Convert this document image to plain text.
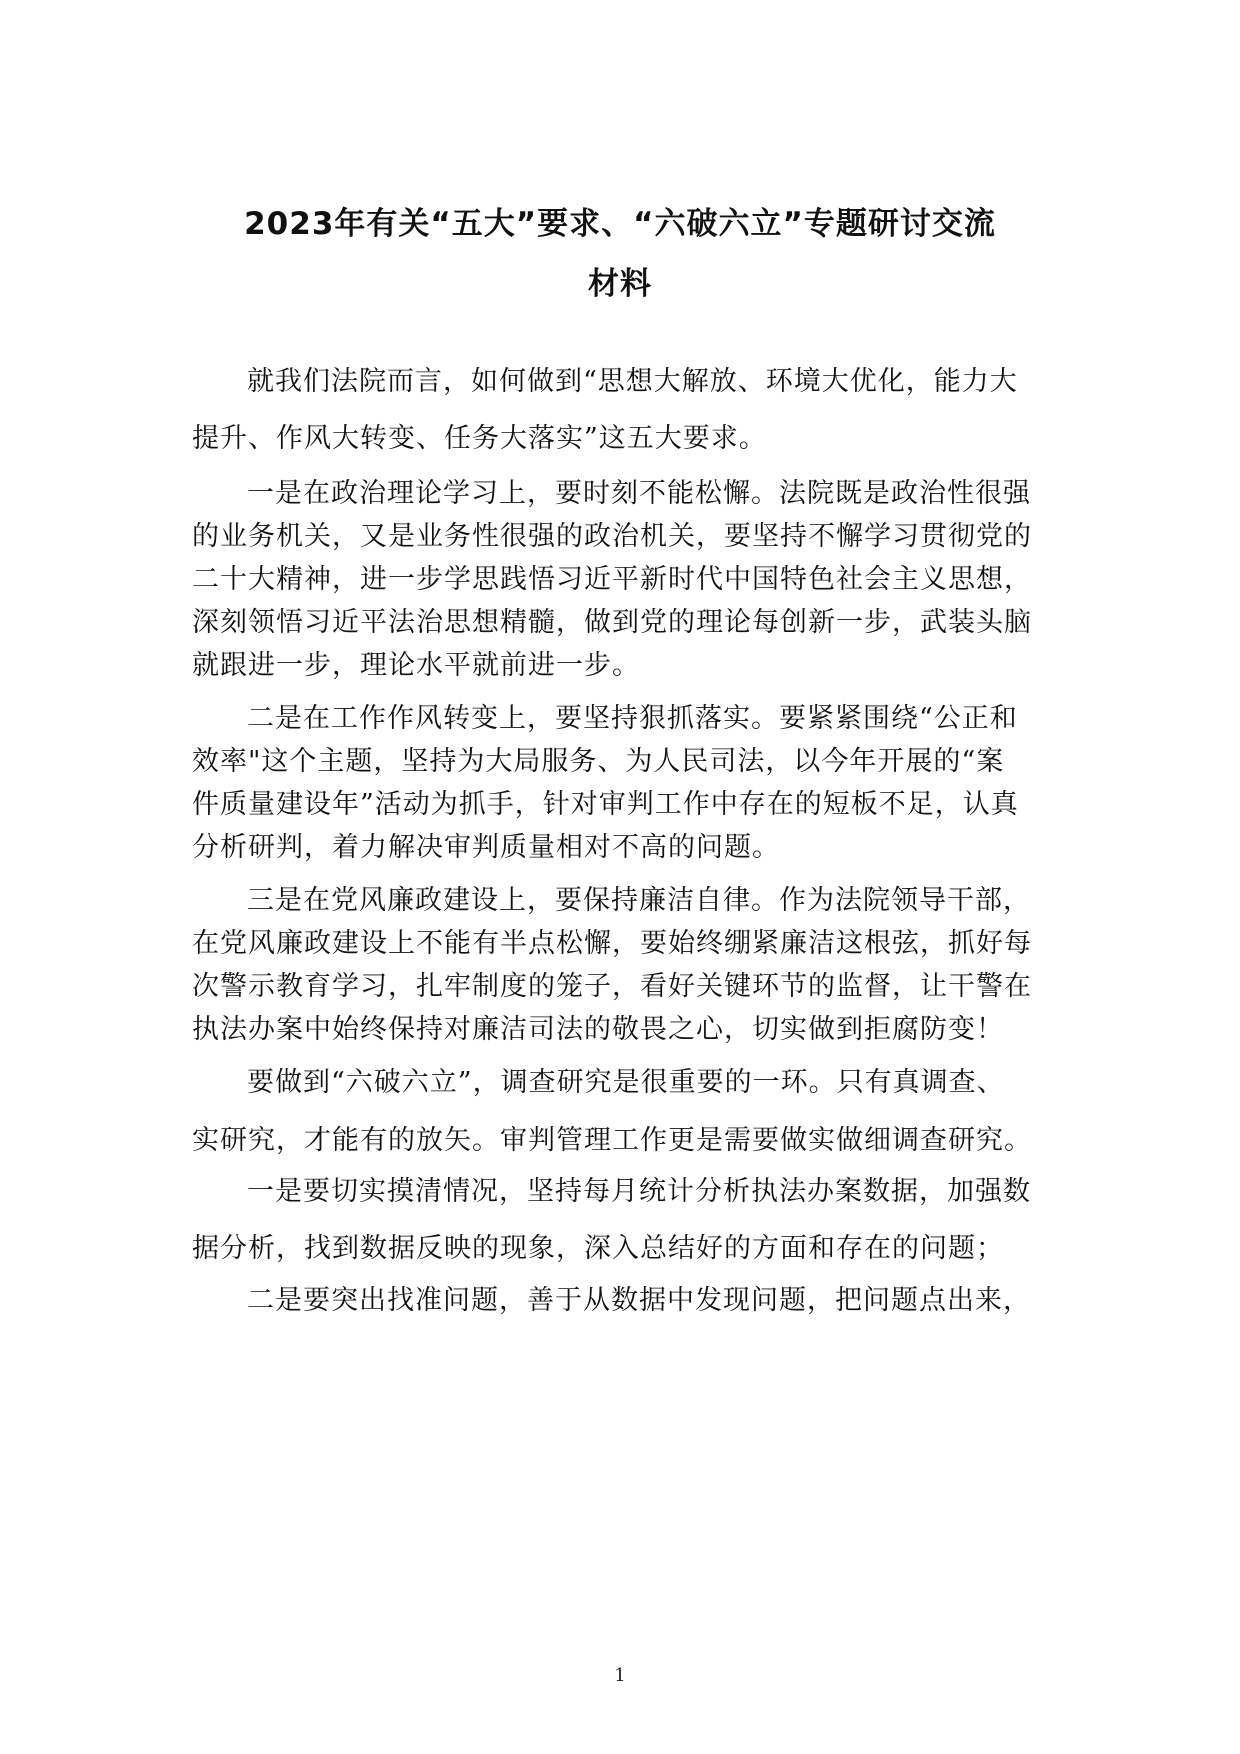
2023年有关“五大”要求、“六破六立”专题研讨交流
材料
就我们法院而言，如何做到“思想大解放、环境大优化，能力大
提升、作风大转变、任务大落实”这五大要求。
一是在政治理论学习上，要时刻不能松懈。法院既是政治性很强
的业务机关，又是业务性很强的政治机关，要坚持不懈学习贯彻党的
二十大精神，进一步学思践悟习近平新时代中国特色社会主义思想，
深刻领悟习近平法治思想精髓，做到党的理论每创新一步，武装头脑
就跟进一步，理论水平就前进一步。
二是在工作作风转变上，要坚持狠抓落实。要紧紧围绕“公正和
效率"这个主题，坚持为大局服务、为人民司法，以今年开展的“案
件质量建设年”活动为抓手，针对审判工作中存在的短板不足，认真
分析研判，着力解决审判质量相对不高的问题。
三是在党风廉政建设上，要保持廉洁自律。作为法院领导干部，
在党风廉政建设上不能有半点松懈，要始终绷紧廉洁这根弦，抓好每
次警示教育学习，扎牢制度的笼子，看好关键环节的监督，让干警在
执法办案中始终保持对廉洁司法的敬畏之心，切实做到拒腐防变！
要做到“六破六立”，调查研究是很重要的一环。只有真调查、
实研究，才能有的放矢。审判管理工作更是需要做实做细调查研究。
一是要切实摸清情况，坚持每月统计分析执法办案数据，加强数
据分析，找到数据反映的现象，深入总结好的方面和存在的问题；
二是要突出找准问题，善于从数据中发现问题，把问题点出来，
1
